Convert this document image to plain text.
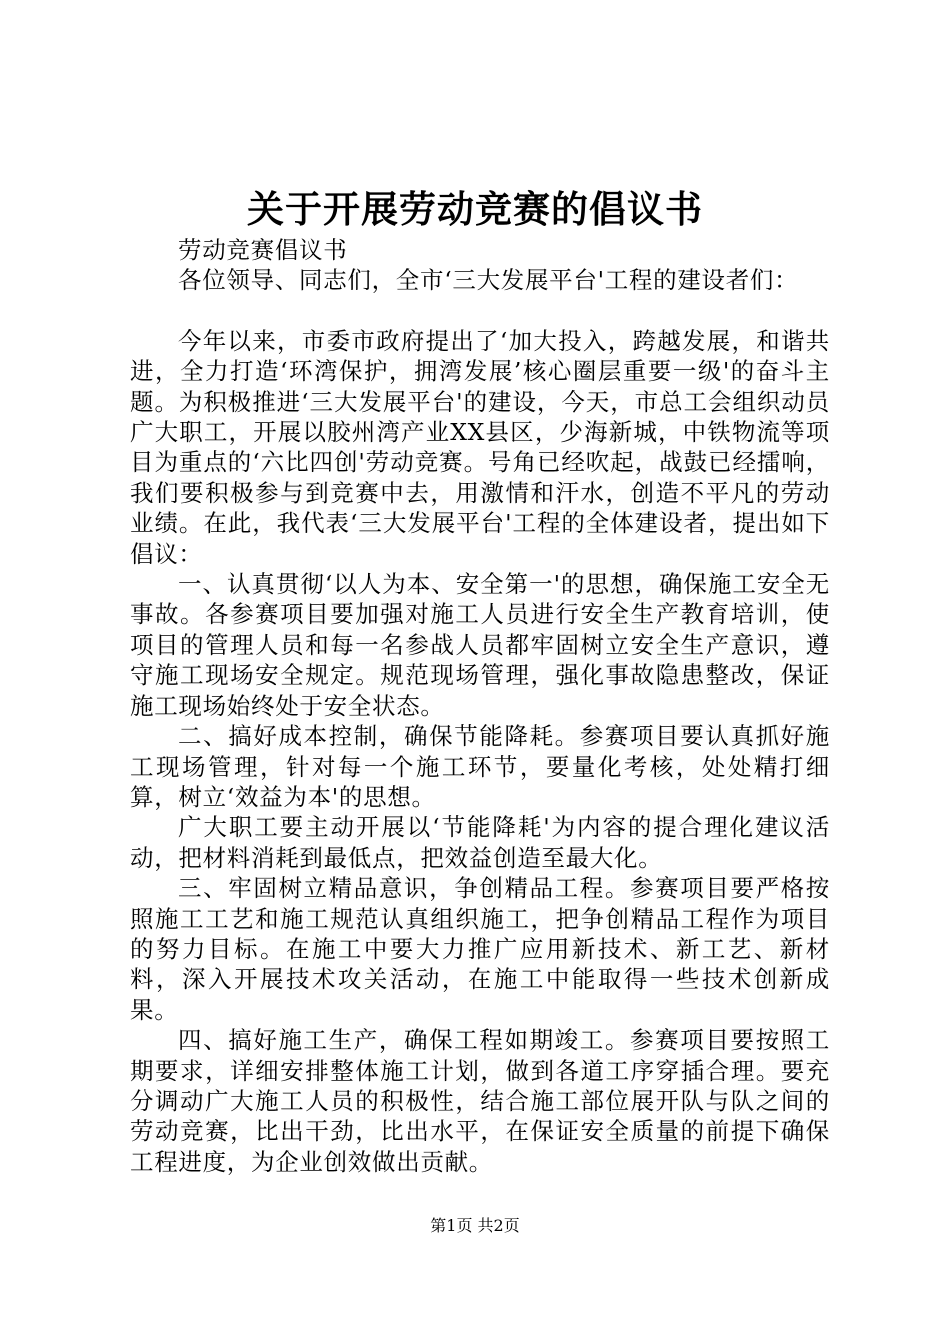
关于开展劳动竞赛的倡议书

劳动竞赛倡议书

各位领导、同志们，全市‘三大发展平台'工程的建设者们：

今年以来，市委市政府提出了‘加大投入，跨越发展，和谐共进，全力打造‘环湾保护，拥湾发展’核心圈层重要一级'的奋斗主题。为积极推进‘三大发展平台'的建设，今天，市总工会组织动员广大职工，开展以胶州湾产业XX县区，少海新城，中铁物流等项目为重点的‘六比四创'劳动竞赛。号角已经吹起，战鼓已经擂响，我们要积极参与到竞赛中去，用激情和汗水，创造不平凡的劳动业绩。在此，我代表‘三大发展平台'工程的全体建设者，提出如下倡议：

一、认真贯彻‘以人为本、安全第一'的思想，确保施工安全无事故。各参赛项目要加强对施工人员进行安全生产教育培训，使项目的管理人员和每一名参战人员都牢固树立安全生产意识，遵守施工现场安全规定。规范现场管理，强化事故隐患整改，保证施工现场始终处于安全状态。

二、搞好成本控制，确保节能降耗。参赛项目要认真抓好施工现场管理，针对每一个施工环节，要量化考核，处处精打细算，树立‘效益为本'的思想。

广大职工要主动开展以‘节能降耗'为内容的提合理化建议活动，把材料消耗到最低点，把效益创造至最大化。

三、牢固树立精品意识，争创精品工程。参赛项目要严格按照施工工艺和施工规范认真组织施工，把争创精品工程作为项目的努力目标。在施工中要大力推广应用新技术、新工艺、新材料，深入开展技术攻关活动，在施工中能取得一些技术创新成果。

四、搞好施工生产，确保工程如期竣工。参赛项目要按照工期要求，详细安排整体施工计划，做到各道工序穿插合理。要充分调动广大施工人员的积极性，结合施工部位展开队与队之间的劳动竞赛，比出干劲，比出水平，在保证安全质量的前提下确保工程进度，为企业创效做出贡献。

第1页 共2页
